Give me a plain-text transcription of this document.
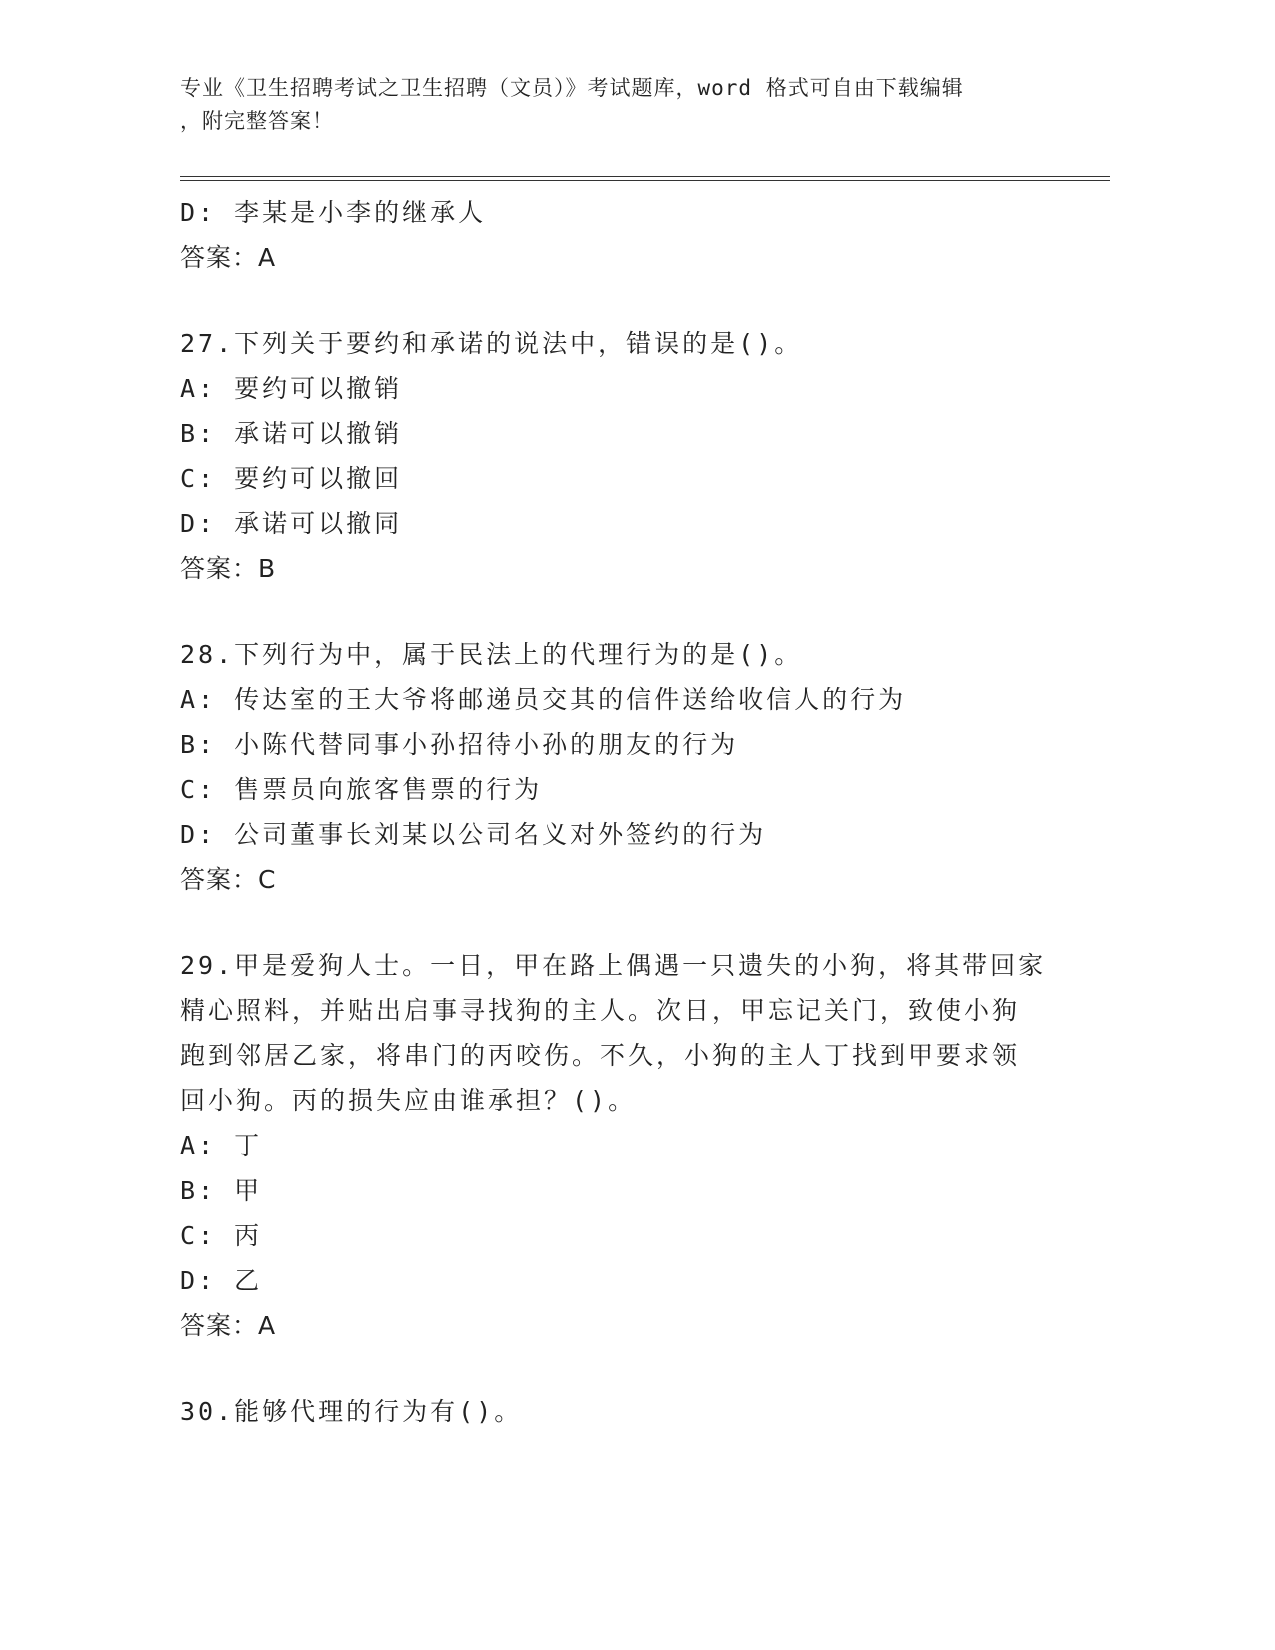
专业《卫生招聘考试之卫生招聘（文员）》考试题库，word 格式可自由下载编辑
，附完整答案！
D: 李某是小李的继承人
答案：A
27.下列关于要约和承诺的说法中，错误的是()。
A: 要约可以撤销
B: 承诺可以撤销
C: 要约可以撤回
D: 承诺可以撤同
答案：B
28.下列行为中，属于民法上的代理行为的是()。
A: 传达室的王大爷将邮递员交其的信件送给收信人的行为
B: 小陈代替同事小孙招待小孙的朋友的行为
C: 售票员向旅客售票的行为
D: 公司董事长刘某以公司名义对外签约的行为
答案：C
29.甲是爱狗人士。一日，甲在路上偶遇一只遗失的小狗，将其带回家
精心照料，并贴出启事寻找狗的主人。次日，甲忘记关门，致使小狗
跑到邻居乙家，将串门的丙咬伤。不久，小狗的主人丁找到甲要求领
回小狗。丙的损失应由谁承担？()。
A: 丁
B: 甲
C: 丙
D: 乙
答案：A
30.能够代理的行为有()。
